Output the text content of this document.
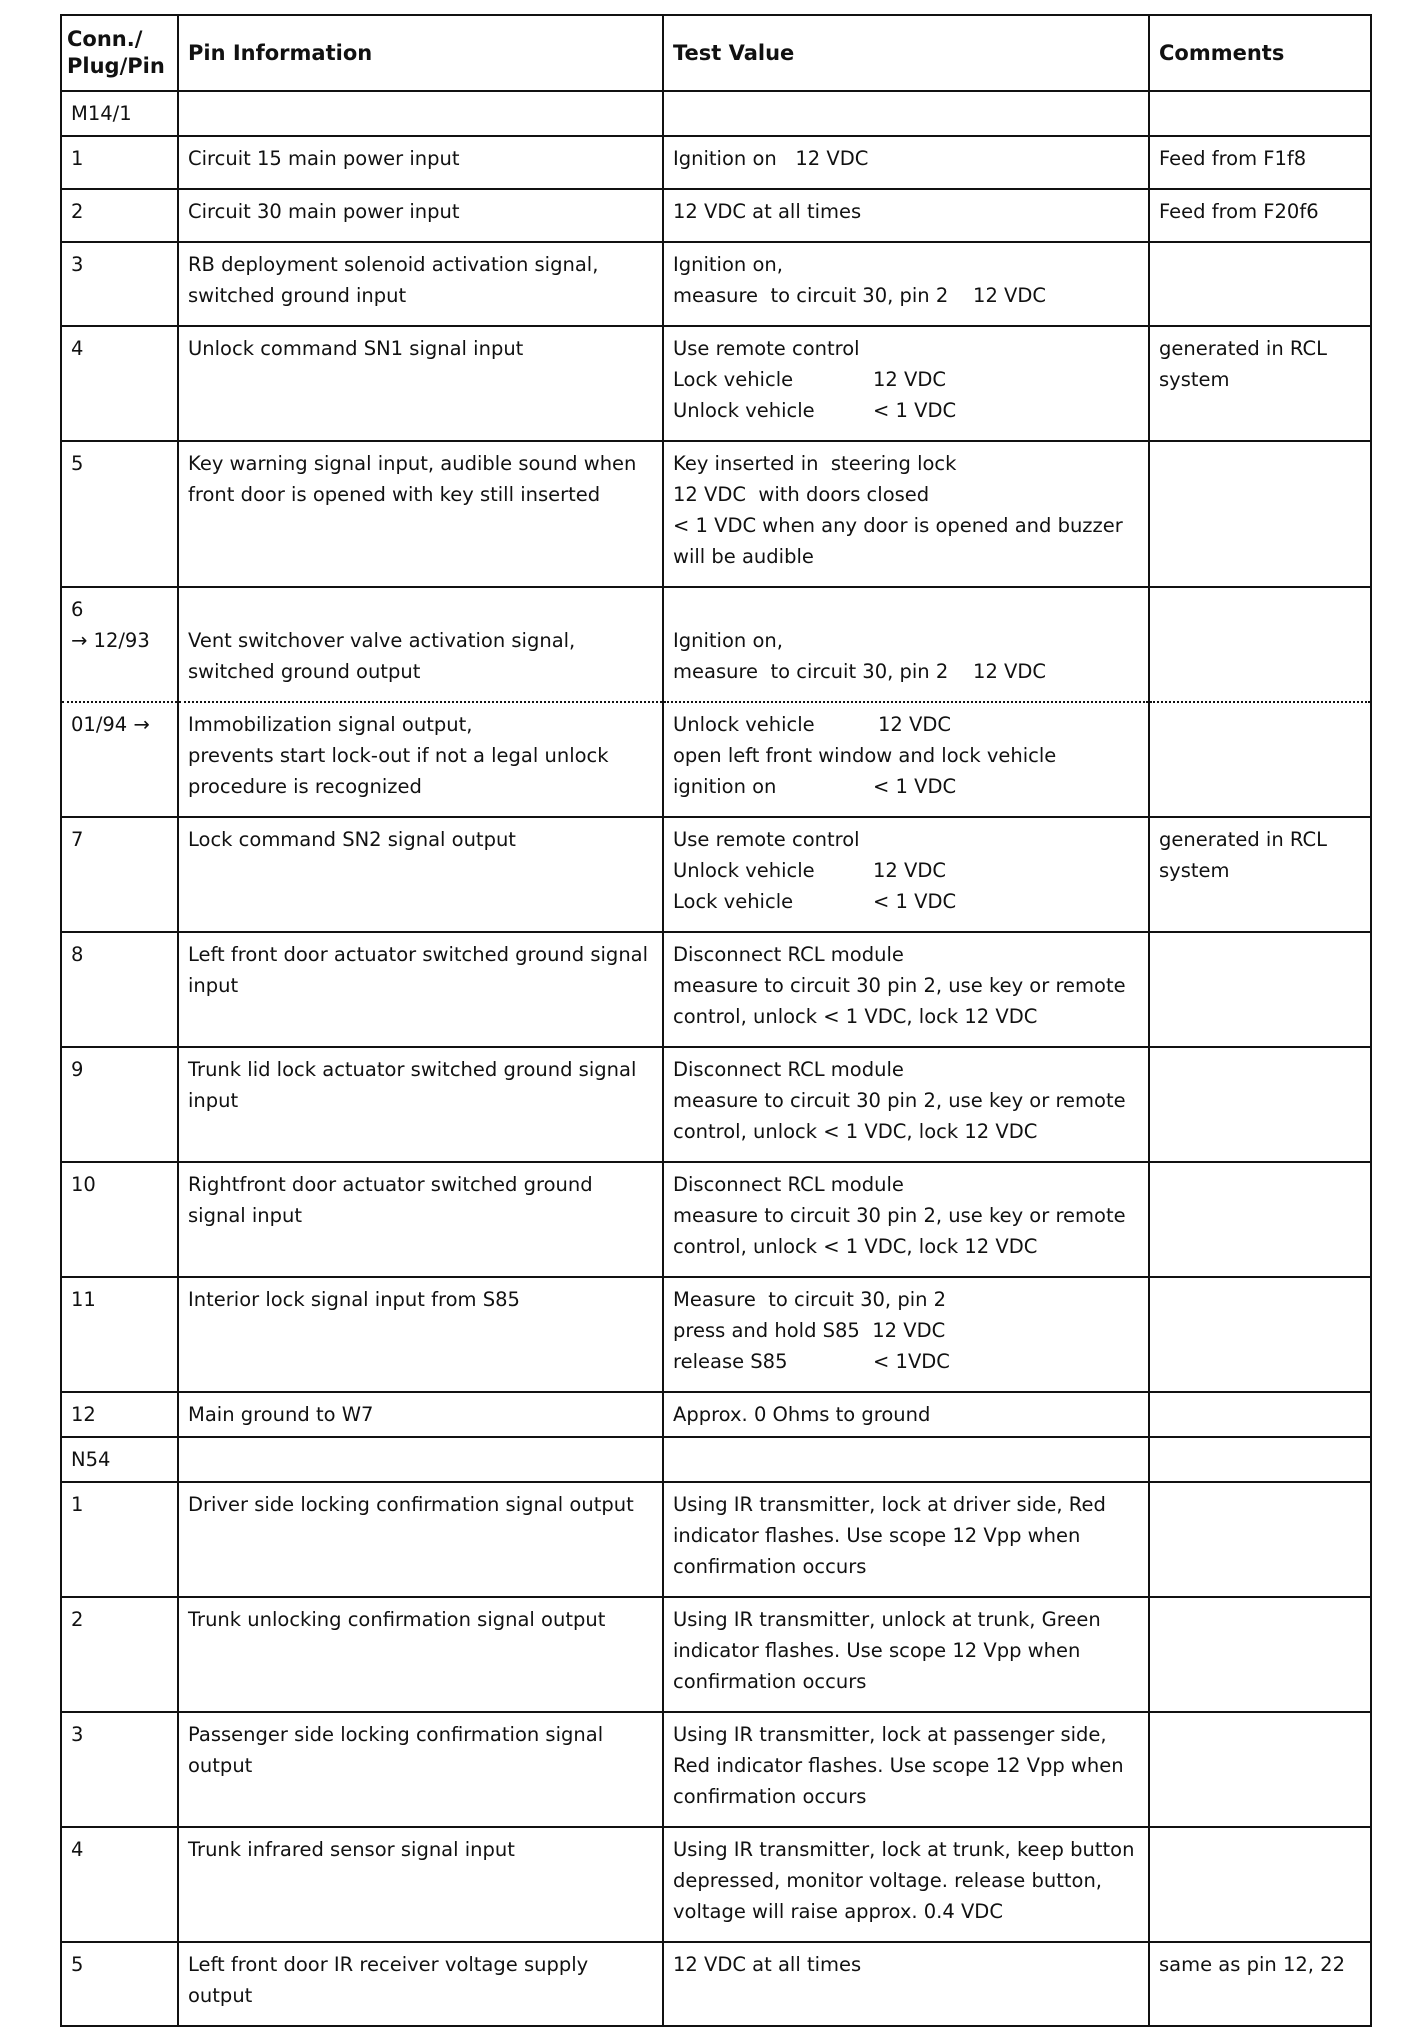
Conn./
Plug/Pin	Pin Information	Test Value	Comments
M14/1			
1	Circuit 15 main power input	Ignition on   12 VDC	Feed from F1f8
2	Circuit 30 main power input	12 VDC at all times	Feed from F20f6
3	RB deployment solenoid activation signal, switched ground input	Ignition on,
measure  to circuit 30, pin 2    12 VDC	

4	Unlock command SN1 signal input	Use remote control
Lock vehicle 12 VDC
Unlock vehicle < 1 VDC	generated in RCL system
5	Key warning signal input, audible sound when front door is opened with key still inserted	Key inserted in  steering lock
12 VDC  with doors closed
< 1 VDC when any door is opened and buzzer will be audible	

6
→ 12/93	Vent switchover valve activation signal, switched ground output	Ignition on,
measure  to circuit 30, pin 2    12 VDC	

01/94 →	Immobilization signal output,
prevents start lock-out if not a legal unlock procedure is recognized	Unlock vehicle 12 VDC
open left front window and lock vehicle
ignition on < 1 VDC	

7	Lock command SN2 signal output	Use remote control
Unlock vehicle 12 VDC
Lock vehicle < 1 VDC	generated in RCL system
8	Left front door actuator switched ground signal input	Disconnect RCL module
measure to circuit 30 pin 2, use key or remote control, unlock < 1 VDC, lock 12 VDC	
9	Trunk lid lock actuator switched ground signal input	Disconnect RCL module
measure to circuit 30 pin 2, use key or remote control, unlock < 1 VDC, lock 12 VDC	
10	Rightfront door actuator switched ground signal input	Disconnect RCL module
measure to circuit 30 pin 2, use key or remote control, unlock < 1 VDC, lock 12 VDC	
11	Interior lock signal input from S85	Measure  to circuit 30, pin 2
press and hold S85  12 VDC
release S85 < 1VDC	

12	Main ground to W7	Approx. 0 Ohms to ground	
N54			
1	Driver side locking confirmation signal output	Using IR transmitter, lock at driver side, Red indicator flashes. Use scope 12 Vpp when confirmation occurs	
2	Trunk unlocking confirmation signal output	Using IR transmitter, unlock at trunk, Green indicator flashes. Use scope 12 Vpp when confirmation occurs	
3	Passenger side locking confirmation signal output	Using IR transmitter, lock at passenger side, Red indicator flashes. Use scope 12 Vpp when confirmation occurs	
4	Trunk infrared sensor signal input	Using IR transmitter, lock at trunk, keep button depressed, monitor voltage. release button, voltage will raise approx. 0.4 VDC	
5	Left front door IR receiver voltage supply output	12 VDC at all times	same as pin 12, 22
